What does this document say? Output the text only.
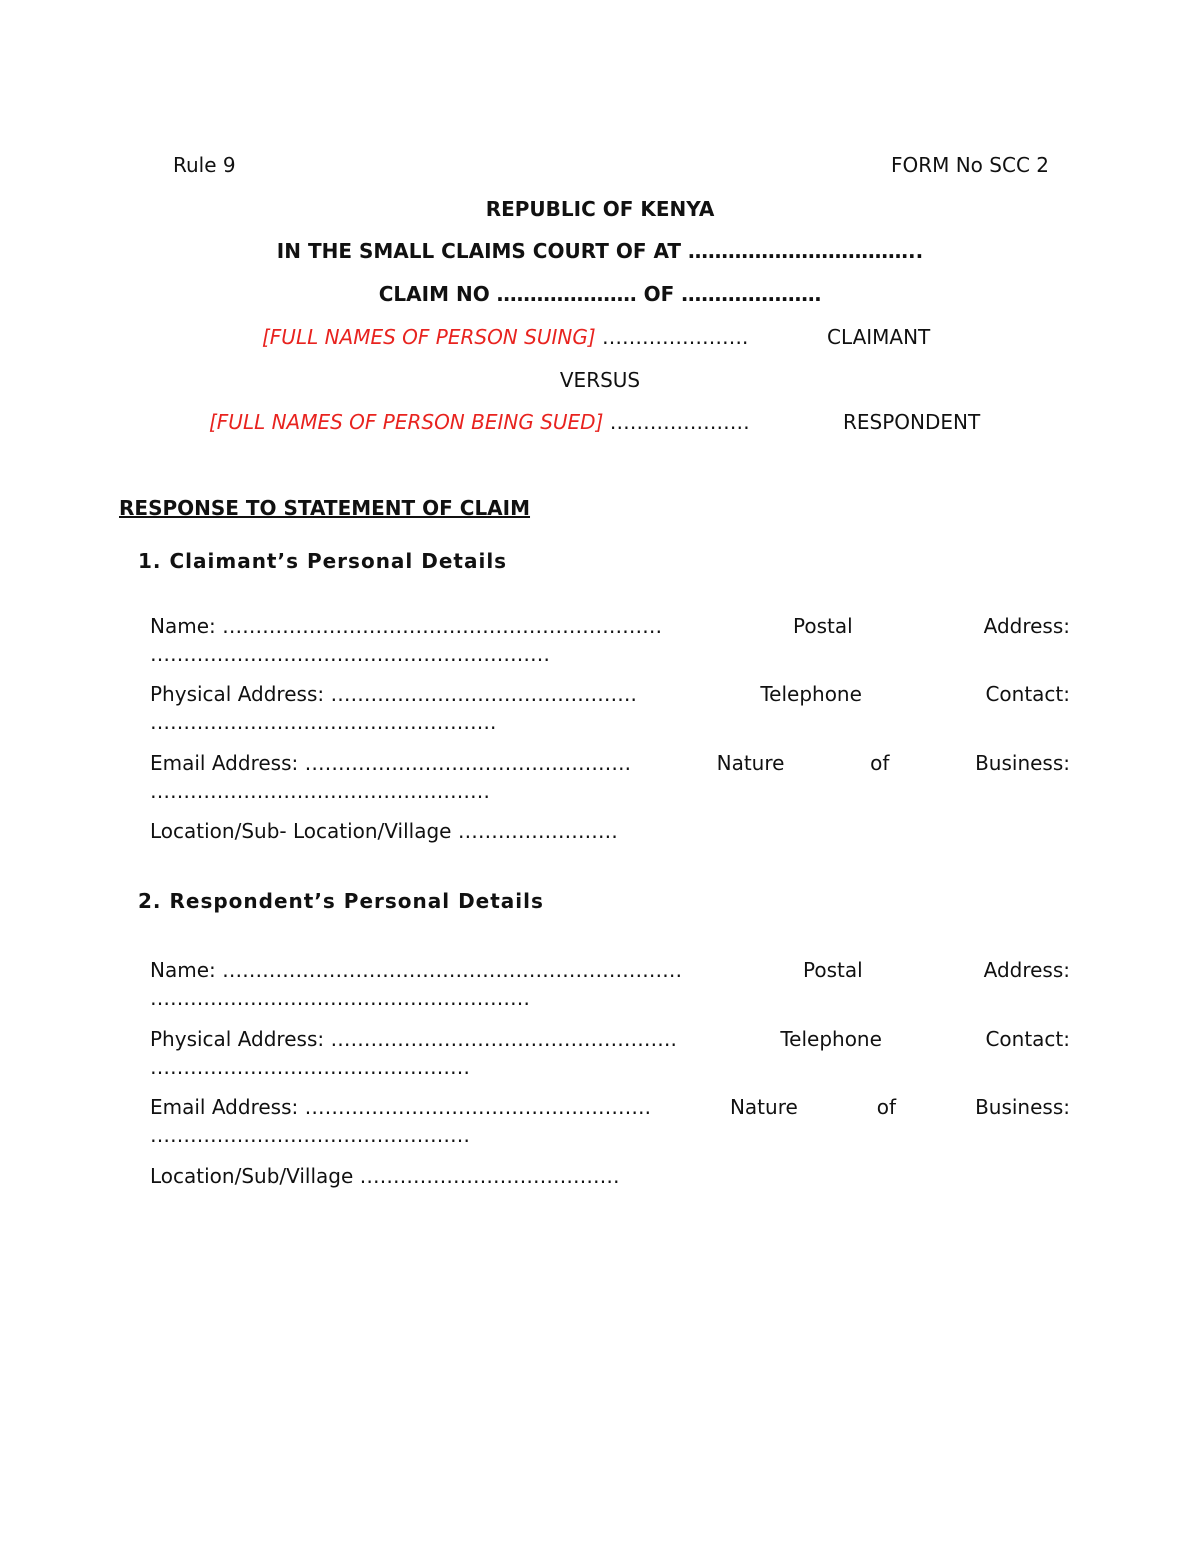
Rule 9	FORM No SCC 2
REPUBLIC OF KENYA
IN THE SMALL CLAIMS COURT OF AT ……………………………..
CLAIM NO ………………… OF …………………
[FULL NAMES OF PERSON SUING] ………………….	CLAIMANT
VERSUS
[FULL NAMES OF PERSON BEING SUED] …………………	RESPONDENT
RESPONSE TO STATEMENT OF CLAIM
1. Claimant’s Personal Details
Name: …………………………………………………………	Postal	Address:
……………………………………………………
Physical Address: ……………………………………….	Telephone	Contact:
…………………………………………….
Email Address: ………………………………………….	Nature	of	Business:
……………………………………………
Location/Sub- Location/Village ……………………
2. Respondent’s Personal Details
Name: ……………………………………………………………	Postal	Address:
…………………………………………………
Physical Address: …………………………………………….	Telephone	Contact:
…………………………………………
Email Address: …………………………………………….	Nature	of	Business:
…………………………………………
Location/Sub/Village …………………………………
